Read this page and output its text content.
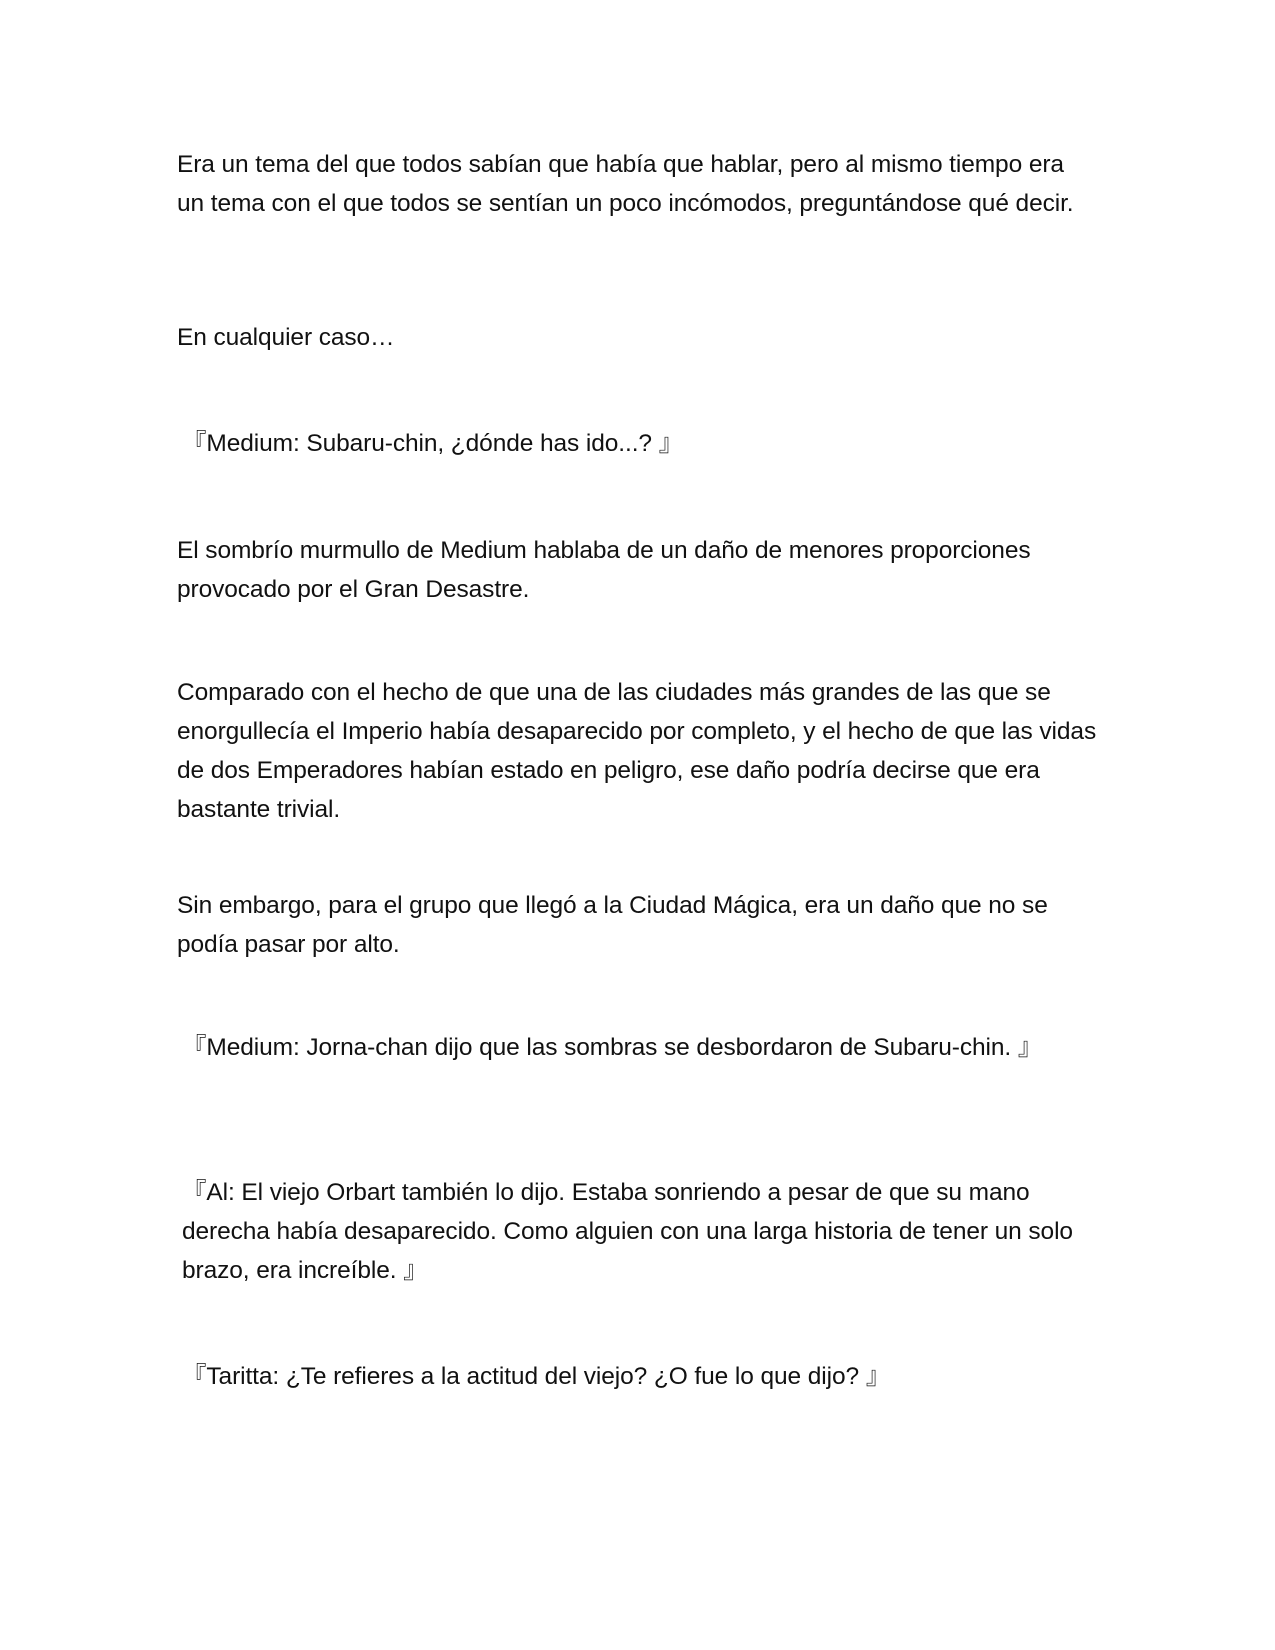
Era un tema del que todos sabían que había que hablar, pero al mismo tiempo era un tema con el que todos se sentían un poco incómodos, preguntándose qué decir.

En cualquier caso…

『Medium: Subaru-chin, ¿dónde has ido...? 』

El sombrío murmullo de Medium hablaba de un daño de menores proporciones provocado por el Gran Desastre.

Comparado con el hecho de que una de las ciudades más grandes de las que se enorgullecía el Imperio había desaparecido por completo, y el hecho de que las vidas de dos Emperadores habían estado en peligro, ese daño podría decirse que era bastante trivial.

Sin embargo, para el grupo que llegó a la Ciudad Mágica, era un daño que no se podía pasar por alto.

『Medium: Jorna-chan dijo que las sombras se desbordaron de Subaru-chin. 』

『Al: El viejo Orbart también lo dijo. Estaba sonriendo a pesar de que su mano derecha había desaparecido. Como alguien con una larga historia de tener un solo brazo, era increíble. 』

『Taritta: ¿Te refieres a la actitud del viejo? ¿O fue lo que dijo? 』
